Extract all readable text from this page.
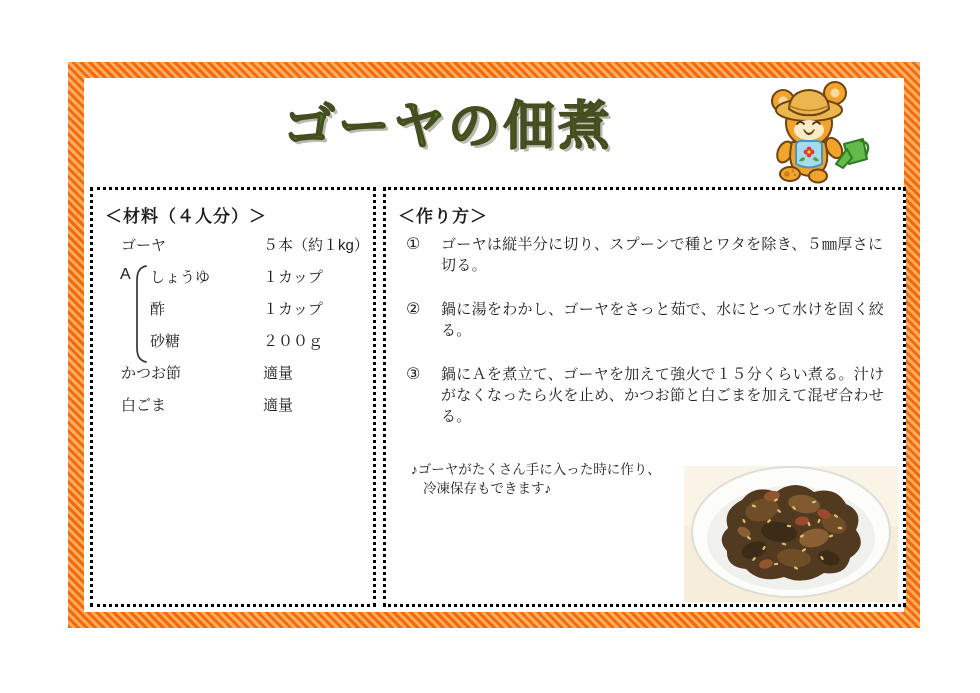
ゴーヤの佃煮
＜材料（４人分）＞
ゴーヤ	５本（約１kg）
しょうゆ	１カップ
酢	１カップ
砂糖	２００ｇ
かつお節	適量
白ごま	適量
A
＜作り方＞
①	ゴーヤは縦半分に切り、スプーンで種とワタを除き、５㎜厚さに切る。
②	鍋に湯をわかし、ゴーヤをさっと茹で、水にとって水けを固く絞る。
③	鍋にＡを煮立て、ゴーヤを加えて強火で１５分くらい煮る。汁けがなくなったら火を止め、かつお節と白ごまを加えて混ぜ合わせる。
♪ゴーヤがたくさん手に入った時に作り、
冷凍保存もできます♪
